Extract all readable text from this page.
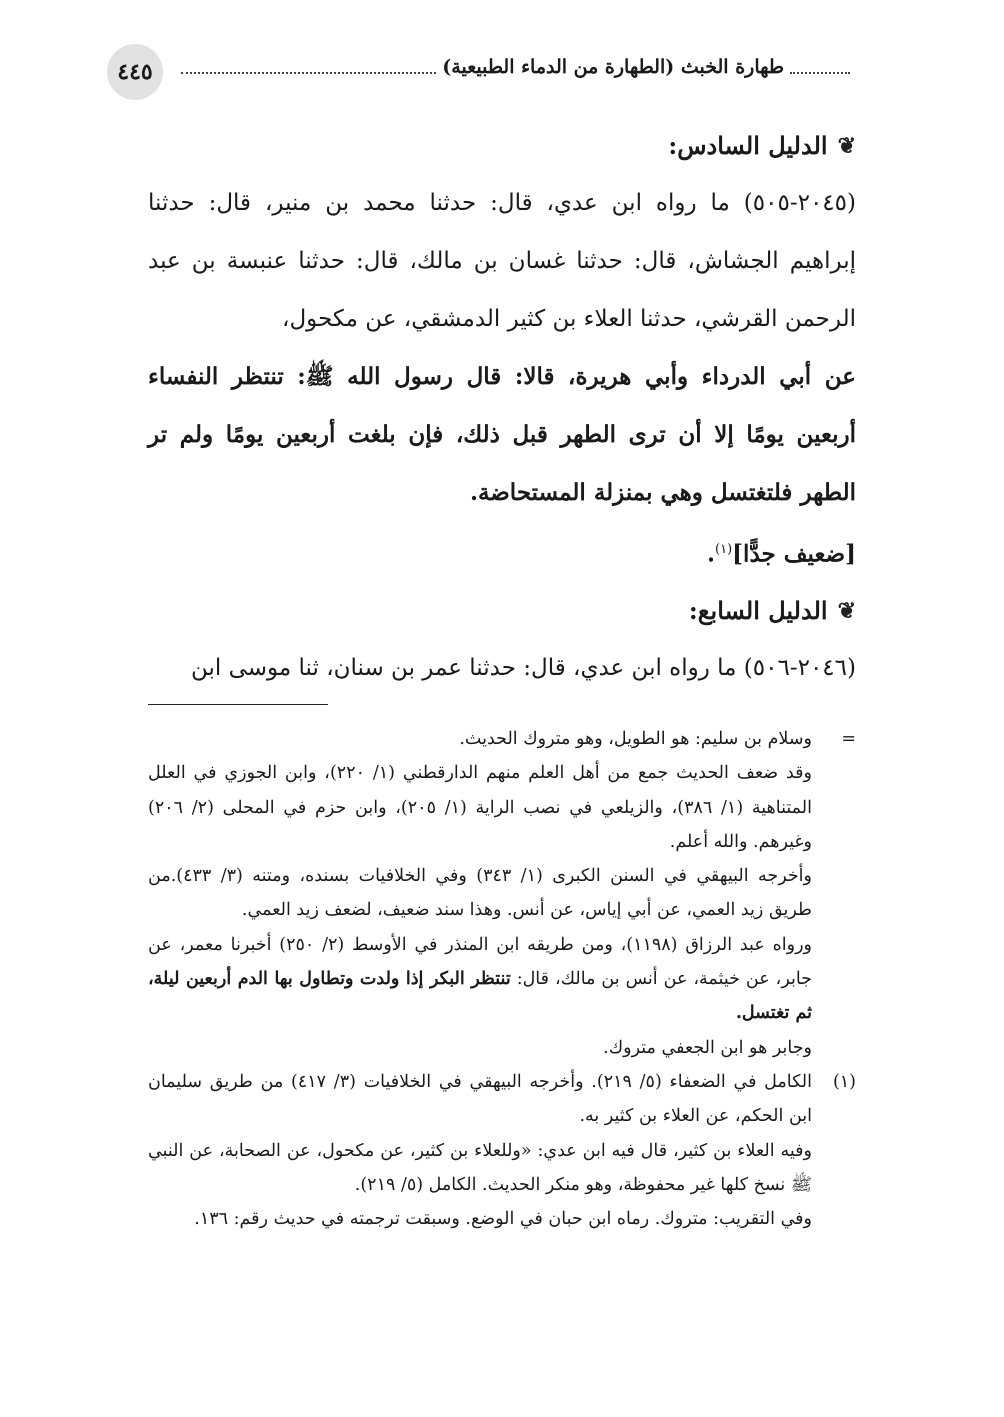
٤٤٥	طهارة الخبث (الطهارة من الدماء الطبيعية)
❦
الدليل السادس:

(٢٠٤٥-٥٠٥) ما رواه ابن عدي، قال: حدثنا محمد بن منير، قال: حدثنا إبراهيم الجشاش، قال: حدثنا غسان بن مالك، قال: حدثنا عنبسة بن عبد الرحمن القرشي، حدثنا العلاء بن كثير الدمشقي، عن مكحول،

عن أبي الدرداء وأبي هريرة، قالا: قال رسول الله ﷺ: تنتظر النفساء أربعين يومًا إلا أن ترى الطهر قبل ذلك، فإن بلغت أربعين يومًا ولم تر الطهر فلتغتسل وهي بمنزلة المستحاضة.

[ضعيف جدًّا]$^{(١)}$.
❦
الدليل السابع:

(٢٠٤٦-٥٠٦) ما رواه ابن عدي، قال: حدثنا عمر بن سنان، ثنا موسى ابن

=

وسلام بن سليم: هو الطويل، وهو متروك الحديث.

وقد ضعف الحديث جمع من أهل العلم منهم الدارقطني (١/ ٢٢٠)، وابن الجوزي في العلل المتناهية (١/ ٣٨٦)، والزيلعي في نصب الراية (١/ ٢٠٥)، وابن حزم في المحلى (٢/ ٢٠٦) وغيرهم. والله أعلم.

وأخرجه البيهقي في السنن الكبرى (١/ ٣٤٣) وفي الخلافيات بسنده، ومتنه (٣/ ٤٣٣).من طريق زيد العمي، عن أبي إياس، عن أنس. وهذا سند ضعيف، لضعف زيد العمي.

ورواه عبد الرزاق (١١٩٨)، ومن طريقه ابن المنذر في الأوسط (٢/ ٢٥٠) أخبرنا معمر، عن جابر، عن خيثمة، عن أنس بن مالك، قال: تنتظر البكر إذا ولدت وتطاول بها الدم أربعين ليلة، ثم تغتسل.

وجابر هو ابن الجعفي متروك.

(١)

الكامل في الضعفاء (٥/ ٢١٩). وأخرجه البيهقي في الخلافيات (٣/ ٤١٧) من طريق سليمان ابن الحكم، عن العلاء بن كثير به.

وفيه العلاء بن كثير، قال فيه ابن عدي: «وللعلاء بن كثير، عن مكحول، عن الصحابة، عن النبي ﷺ نسخ كلها غير محفوظة، وهو منكر الحديث. الكامل (٥/ ٢١٩).

وفي التقريب: متروك. رماه ابن حبان في الوضع. وسبقت ترجمته في حديث رقم: ١٣٦.
